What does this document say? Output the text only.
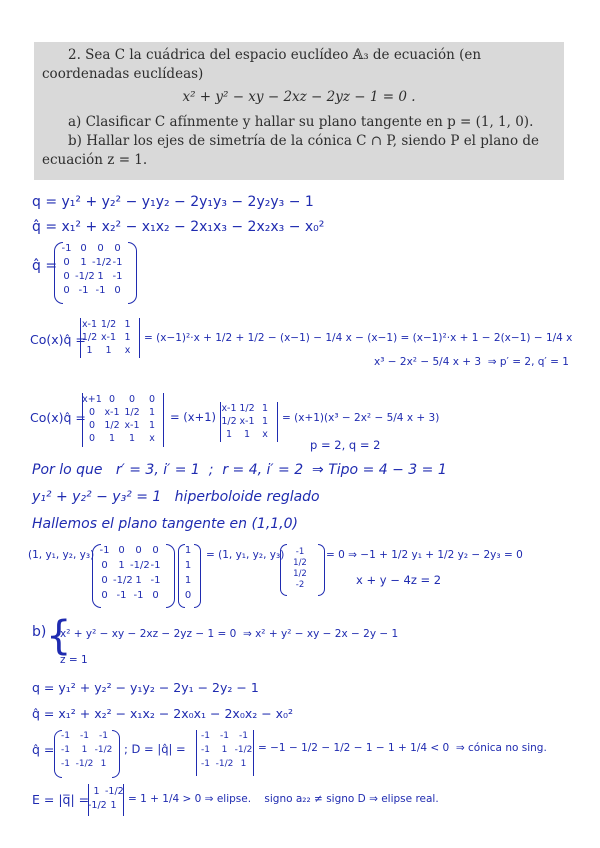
2. Sea C la cuádrica del espacio euclídeo 𝔸₃ de ecuación (en coordenadas euclídeas)

x² + y² − xy − 2xz − 2yz − 1 = 0 .

a) Clasificar C afínmente y hallar su plano tangente en p = (1, 1, 0).

b) Hallar los ejes de simetría de la cónica C ∩ P, siendo P el plano de ecuación z = 1.

q = y₁² + y₂² − y₁y₂ − 2y₁y₃ − 2y₂y₃ − 1
q̂ = x₁² + x₂² − x₁x₂ − 2x₁x₃ − 2x₂x₃ − x₀²
q̂ =
-1 0	0	0
0	1 -1/2 -1
0 -1/2 1 -1
0 -1 -1 0
Co(x)q̂ =
x-1 1/2 1
1/2 x-1 1
1	1	x
= (x−1)²·x + 1/2 + 1/2 − (x−1) − 1/4 x − (x−1) = (x−1)²·x + 1 − 2(x−1) − 1/4 x
x³ − 2x² − 5/4 x + 3  ⇒ p′ = 2, q′ = 1
Co(x)q̂ =
x+1 0	0	0
0 x-1 1/2 1
0 1/2 x-1 1
0	1	1	x
= (x+1)
x-1 1/2 1
1/2 x-1 1
1	1	x
= (x+1)(x³ − 2x² − 5/4 x + 3)
p = 2, q = 2
Por lo que   r′ = 3, i′ = 1  ;  r = 4, i′ = 2  ⇒ Tipo = 4 − 3 = 1
y₁² + y₂² − y₃² = 1   hiperboloide reglado
Hallemos el plano tangente en (1,1,0)
(1, y₁, y₂, y₃) -1 0	0	0
0	1 -1/2 -1
0 -1/2 1 -1
0 -1 -1 0
1
1
1
0
= (1, y₁, y₂, y₃)	-1
1/2
1/2
-2
= 0 ⇒ −1 + 1/2 y₁ + 1/2 y₂ − 2y₃ = 0
x + y − 4z = 2
b) {
x² + y² − xy − 2xz − 2yz − 1 = 0  ⇒ x² + y² − xy − 2x − 2y − 1
z = 1
q = y₁² + y₂² − y₁y₂ − 2y₁ − 2y₂ − 1
q̂ = x₁² + x₂² − x₁x₂ − 2x₀x₁ − 2x₀x₂ − x₀²
q̂ =
-1	-1	-1
-1	1 -1/2
-1 -1/2 1
; D = |q̂| =
-1	-1	-1
-1	1 -1/2
-1 -1/2 1
= −1 − 1/2 − 1/2 − 1 − 1 + 1/4 < 0  ⇒ cónica no sing.
E = |q̅| =
1 -1/2
-1/2 1
= 1 + 1/4 > 0 ⇒ elipse.    signo a₂₂ ≠ signo D ⇒ elipse real.
